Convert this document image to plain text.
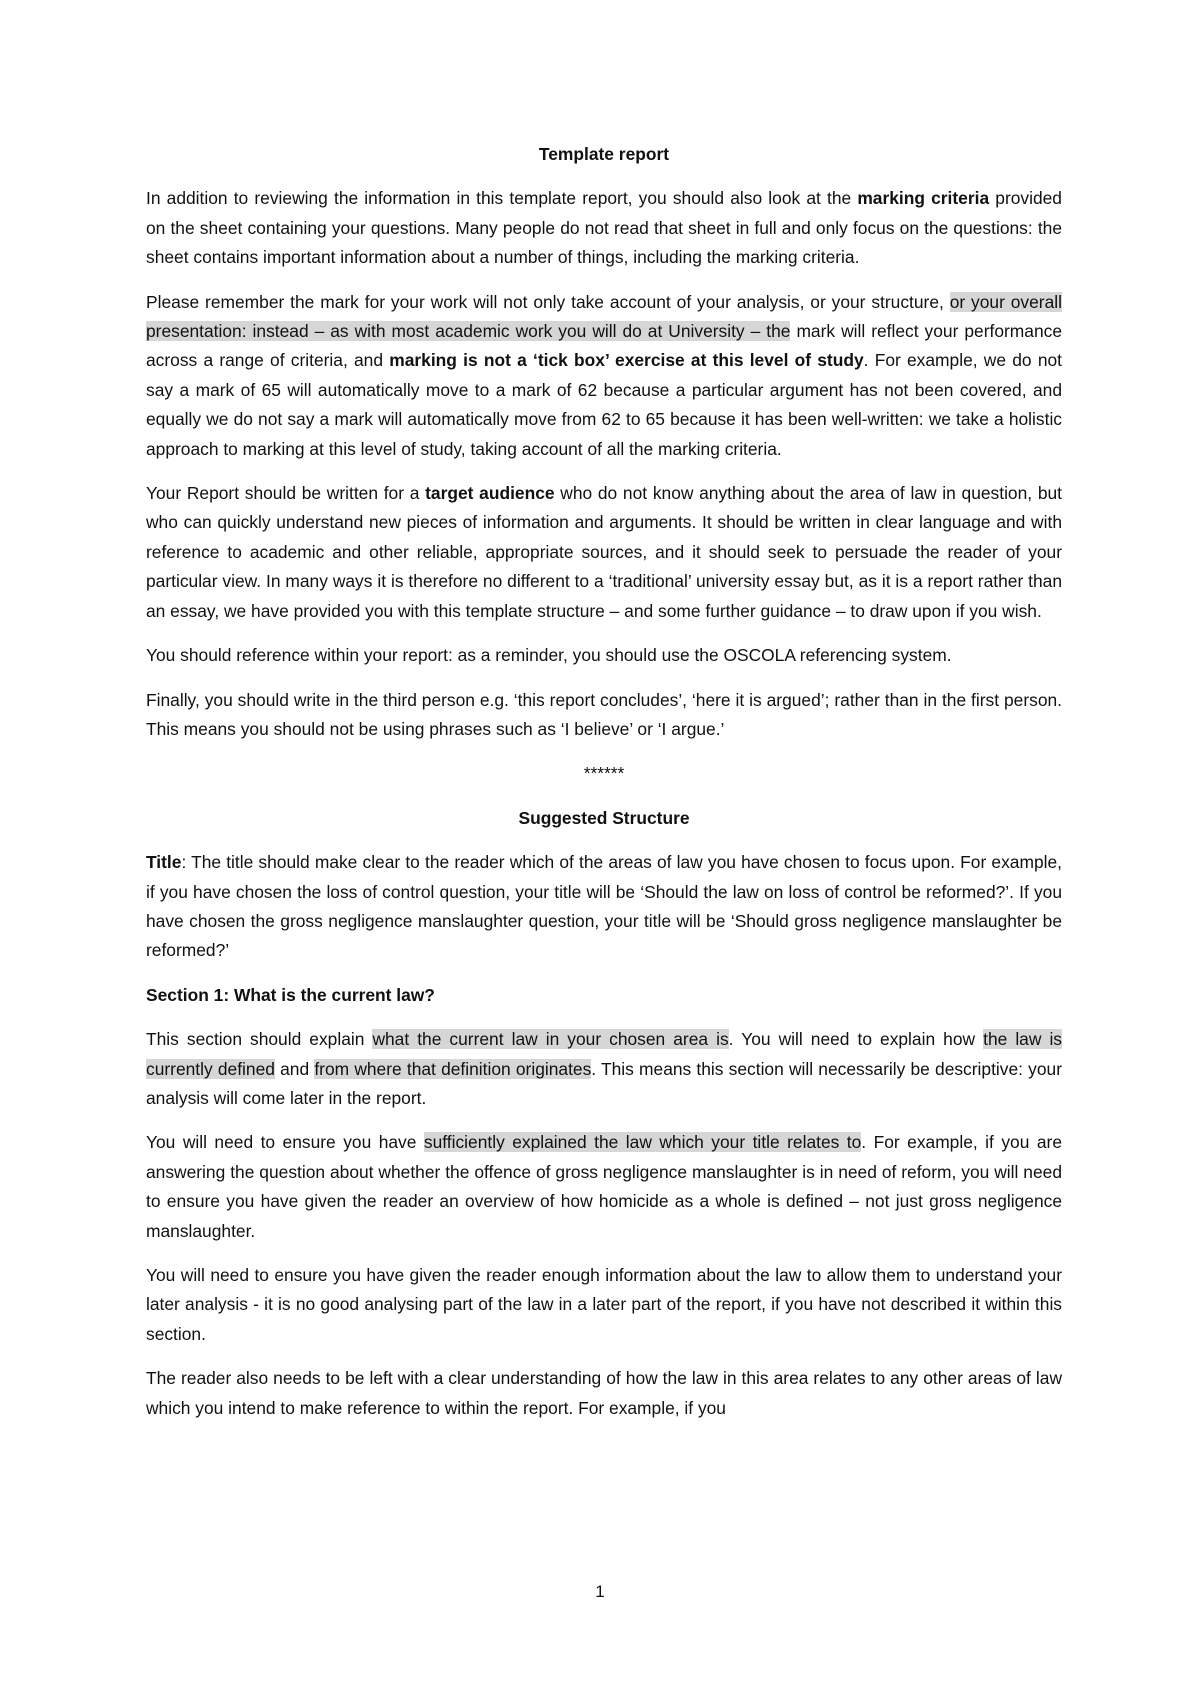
Template report

In addition to reviewing the information in this template report, you should also look at the marking criteria provided on the sheet containing your questions. Many people do not read that sheet in full and only focus on the questions: the sheet contains important information about a number of things, including the marking criteria.

Please remember the mark for your work will not only take account of your analysis, or your structure, or your overall presentation: instead – as with most academic work you will do at University – the mark will reflect your performance across a range of criteria, and marking is not a ‘tick box’ exercise at this level of study. For example, we do not say a mark of 65 will automatically move to a mark of 62 because a particular argument has not been covered, and equally we do not say a mark will automatically move from 62 to 65 because it has been well-written: we take a holistic approach to marking at this level of study, taking account of all the marking criteria.

Your Report should be written for a target audience who do not know anything about the area of law in question, but who can quickly understand new pieces of information and arguments. It should be written in clear language and with reference to academic and other reliable, appropriate sources, and it should seek to persuade the reader of your particular view. In many ways it is therefore no different to a ‘traditional’ university essay but, as it is a report rather than an essay, we have provided you with this template structure – and some further guidance – to draw upon if you wish.

You should reference within your report: as a reminder, you should use the OSCOLA referencing system.

Finally, you should write in the third person e.g. ‘this report concludes’, ‘here it is argued’; rather than in the first person. This means you should not be using phrases such as ‘I believe’ or ‘I argue.’

******

Suggested Structure

Title: The title should make clear to the reader which of the areas of law you have chosen to focus upon. For example, if you have chosen the loss of control question, your title will be ‘Should the law on loss of control be reformed?’. If you have chosen the gross negligence manslaughter question, your title will be ‘Should gross negligence manslaughter be reformed?’

Section 1: What is the current law?

This section should explain what the current law in your chosen area is. You will need to explain how the law is currently defined and from where that definition originates. This means this section will necessarily be descriptive: your analysis will come later in the report.

You will need to ensure you have sufficiently explained the law which your title relates to. For example, if you are answering the question about whether the offence of gross negligence manslaughter is in need of reform, you will need to ensure you have given the reader an overview of how homicide as a whole is defined – not just gross negligence manslaughter.

You will need to ensure you have given the reader enough information about the law to allow them to understand your later analysis - it is no good analysing part of the law in a later part of the report, if you have not described it within this section.

The reader also needs to be left with a clear understanding of how the law in this area relates to any other areas of law which you intend to make reference to within the report. For example, if you

1
